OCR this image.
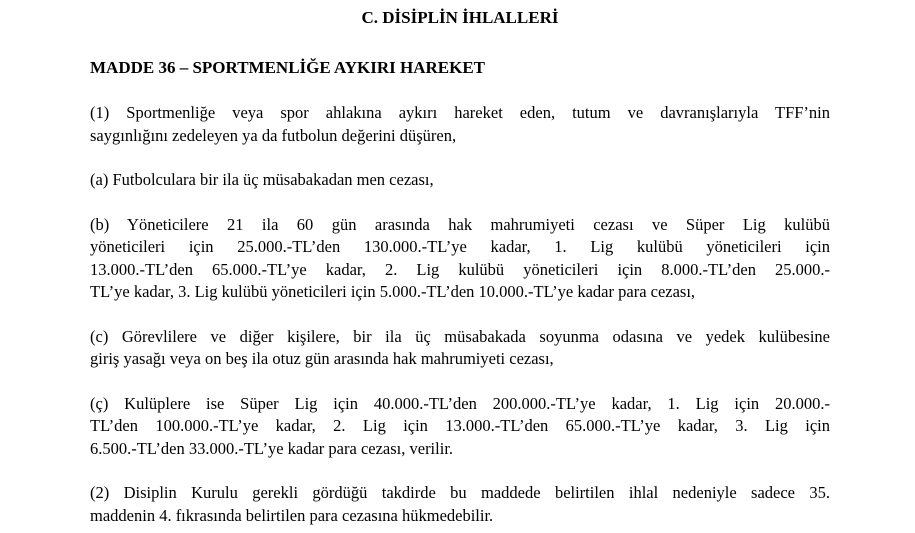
C. DİSİPLİN İHLALLERİ
MADDE 36 – SPORTMENLİĞE AYKIRI HAREKET

(1) Sportmenliğe veya spor ahlakına aykırı hareket eden, tutum ve davranışlarıyla TFF’nin
saygınlığını zedeleyen ya da futbolun değerini düşüren,

(a) Futbolculara bir ila üç müsabakadan men cezası,

(b) Yöneticilere 21 ila 60 gün arasında hak mahrumiyeti cezası ve Süper Lig kulübü
yöneticileri için 25.000.-TL’den 130.000.-TL’ye kadar, 1. Lig kulübü yöneticileri için
13.000.-TL’den 65.000.-TL’ye kadar, 2. Lig kulübü yöneticileri için 8.000.-TL’den 25.000.-
TL’ye kadar, 3. Lig kulübü yöneticileri için 5.000.-TL’den 10.000.-TL’ye kadar para cezası,

(c) Görevlilere ve diğer kişilere, bir ila üç müsabakada soyunma odasına ve yedek kulübesine
giriş yasağı veya on beş ila otuz gün arasında hak mahrumiyeti cezası,

(ç) Kulüplere ise Süper Lig için 40.000.-TL’den 200.000.-TL’ye kadar, 1. Lig için 20.000.-
TL’den 100.000.-TL’ye kadar, 2. Lig için 13.000.-TL’den 65.000.-TL’ye kadar, 3. Lig için
6.500.-TL’den 33.000.-TL’ye kadar para cezası, verilir.

(2) Disiplin Kurulu gerekli gördüğü takdirde bu maddede belirtilen ihlal nedeniyle sadece 35.
maddenin 4. fıkrasında belirtilen para cezasına hükmedebilir.
